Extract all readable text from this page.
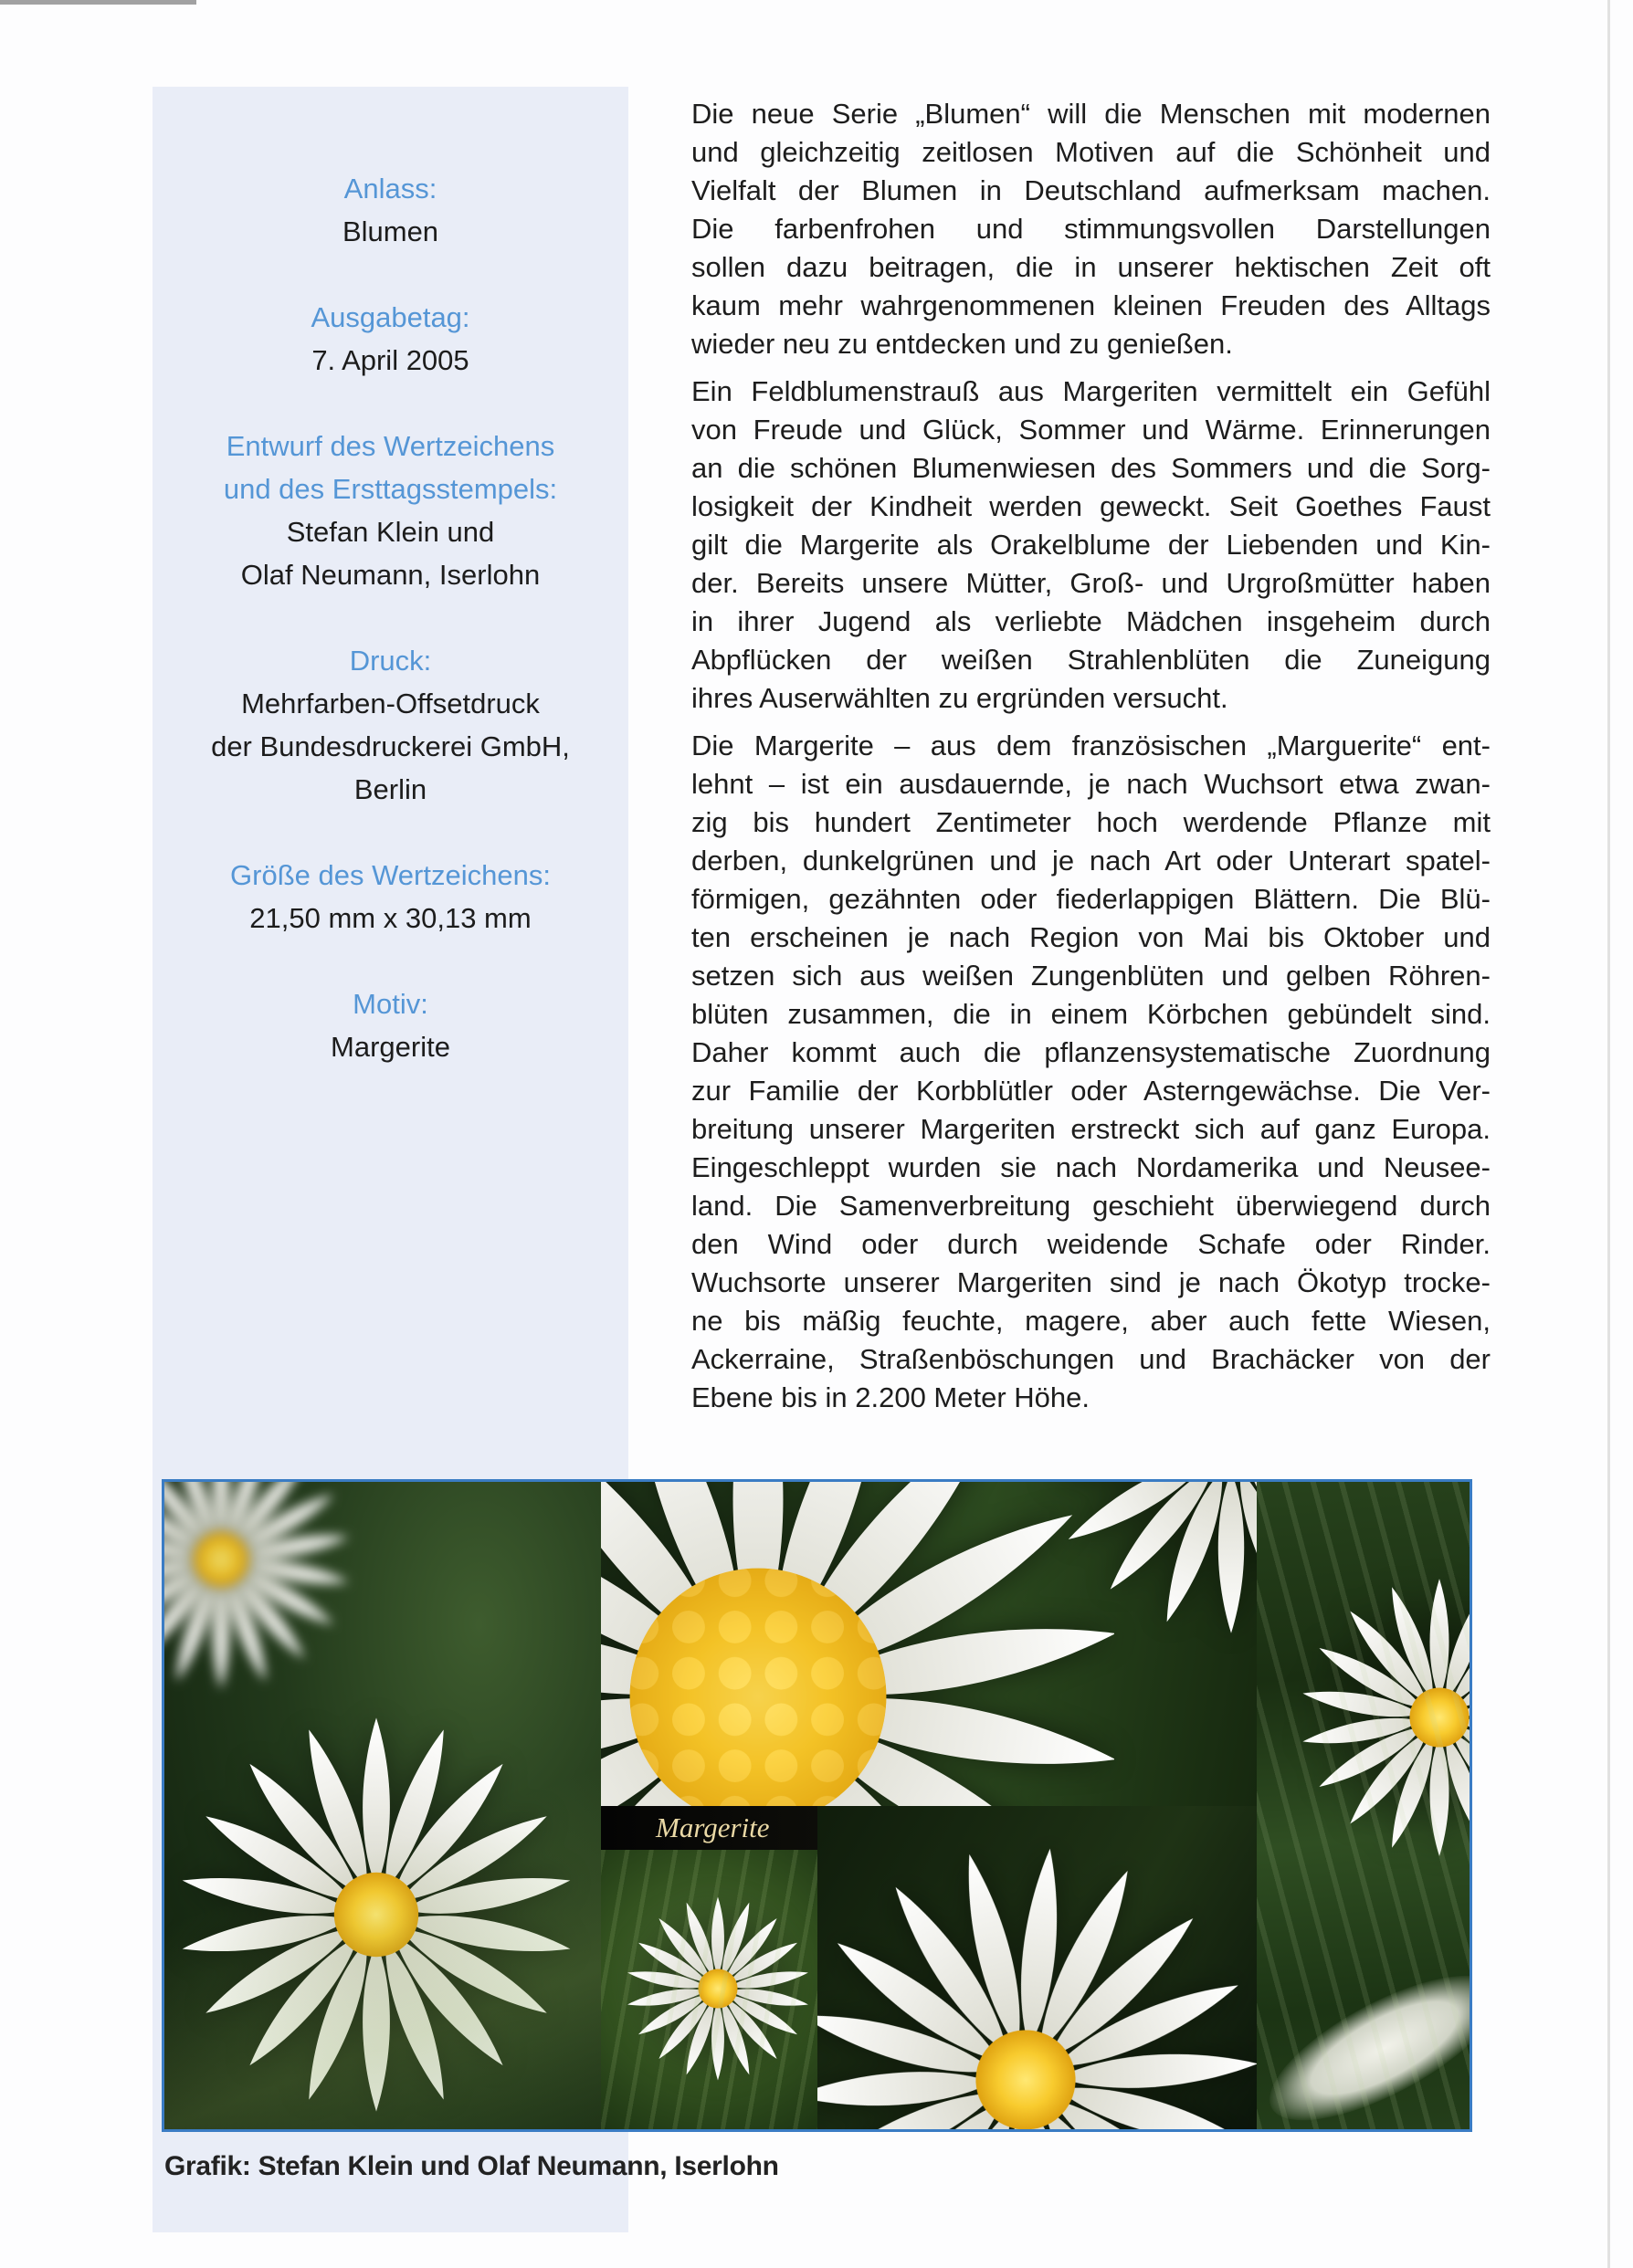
Anlass:
Blumen
Ausgabetag:
7. April 2005
Entwurf des Wertzeichens
und des Ersttagsstempels:
Stefan Klein und
Olaf Neumann, Iserlohn
Druck:
Mehrfarben-Offsetdruck
der Bundesdruckerei GmbH,
Berlin
Größe des Wertzeichens:
21,50 mm x 30,13 mm
Motiv:
Margerite

Die neue Serie „Blumen“ will die Menschen mit modernen
und gleichzeitig zeitlosen Motiven auf die Schönheit und
Vielfalt der Blumen in Deutschland aufmerksam machen.
Die farbenfrohen und stimmungsvollen Darstellungen
sollen dazu beitragen, die in unserer hektischen Zeit oft
kaum mehr wahrgenommenen kleinen Freuden des Alltags
wieder neu zu entdecken und zu genießen.

Ein Feldblumenstrauß aus Margeriten vermittelt ein Gefühl
von Freude und Glück, Sommer und Wärme. Erinnerungen
an die schönen Blumenwiesen des Sommers und die Sorg-
losigkeit der Kindheit werden geweckt. Seit Goethes Faust
gilt die Margerite als Orakelblume der Liebenden und Kin-
der. Bereits unsere Mütter, Groß- und Urgroßmütter haben
in ihrer Jugend als verliebte Mädchen insgeheim durch
Abpflücken der weißen Strahlenblüten die Zuneigung
ihres Auserwählten zu ergründen versucht.

Die Margerite – aus dem französischen „Marguerite“ ent-
lehnt – ist ein ausdauernde, je nach Wuchsort etwa zwan-
zig bis hundert Zentimeter hoch werdende Pflanze mit
derben, dunkelgrünen und je nach Art oder Unterart spatel-
förmigen, gezähnten oder fiederlappigen Blättern. Die Blü-
ten erscheinen je nach Region von Mai bis Oktober und
setzen sich aus weißen Zungenblüten und gelben Röhren-
blüten zusammen, die in einem Körbchen gebündelt sind.
Daher kommt auch die pflanzensystematische Zuordnung
zur Familie der Korbblütler oder Asterngewächse. Die Ver-
breitung unserer Margeriten erstreckt sich auf ganz Europa.
Eingeschleppt wurden sie nach Nordamerika und Neusee-
land. Die Samenverbreitung geschieht überwiegend durch
den Wind oder durch weidende Schafe oder Rinder.
Wuchsorte unserer Margeriten sind je nach Ökotyp trocke-
ne bis mäßig feuchte, magere, aber auch fette Wiesen,
Ackerraine, Straßenböschungen und Brachäcker von der
Ebene bis in 2.200 Meter Höhe.

Margerite
Grafik: Stefan Klein und Olaf Neumann, Iserlohn
